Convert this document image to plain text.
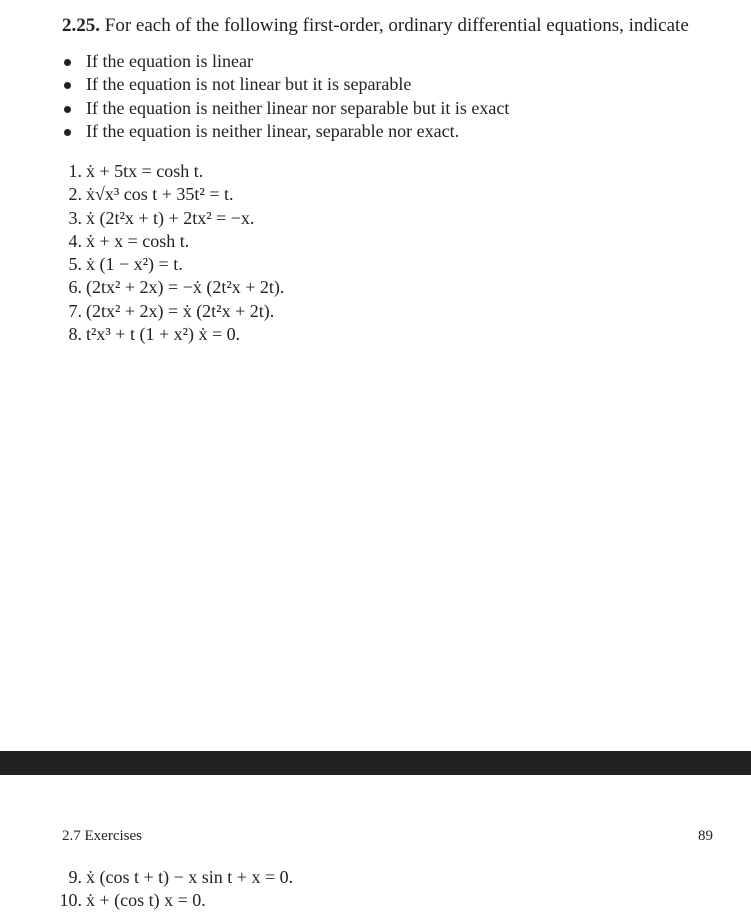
2.25. For each of the following first-order, ordinary differential equations, indicate
If the equation is linear
If the equation is not linear but it is separable
If the equation is neither linear nor separable but it is exact
If the equation is neither linear, separable nor exact.
1. ẋ + 5tx = cosh t.
2. ẋ√x³ cos t + 35t² = t.
3. ẋ (2t²x + t) + 2tx² = −x.
4. ẋ + x = cosh t.
5. ẋ (1 − x²) = t.
6. (2tx² + 2x) = −ẋ (2t²x + 2t).
7. (2tx² + 2x) = ẋ (2t²x + 2t).
8. t²x³ + t (1 + x²) ẋ = 0.
2.7 Exercises	89
9. ẋ (cos t + t) − x sin t + x = 0.
10. ẋ + (cos t) x = 0.
